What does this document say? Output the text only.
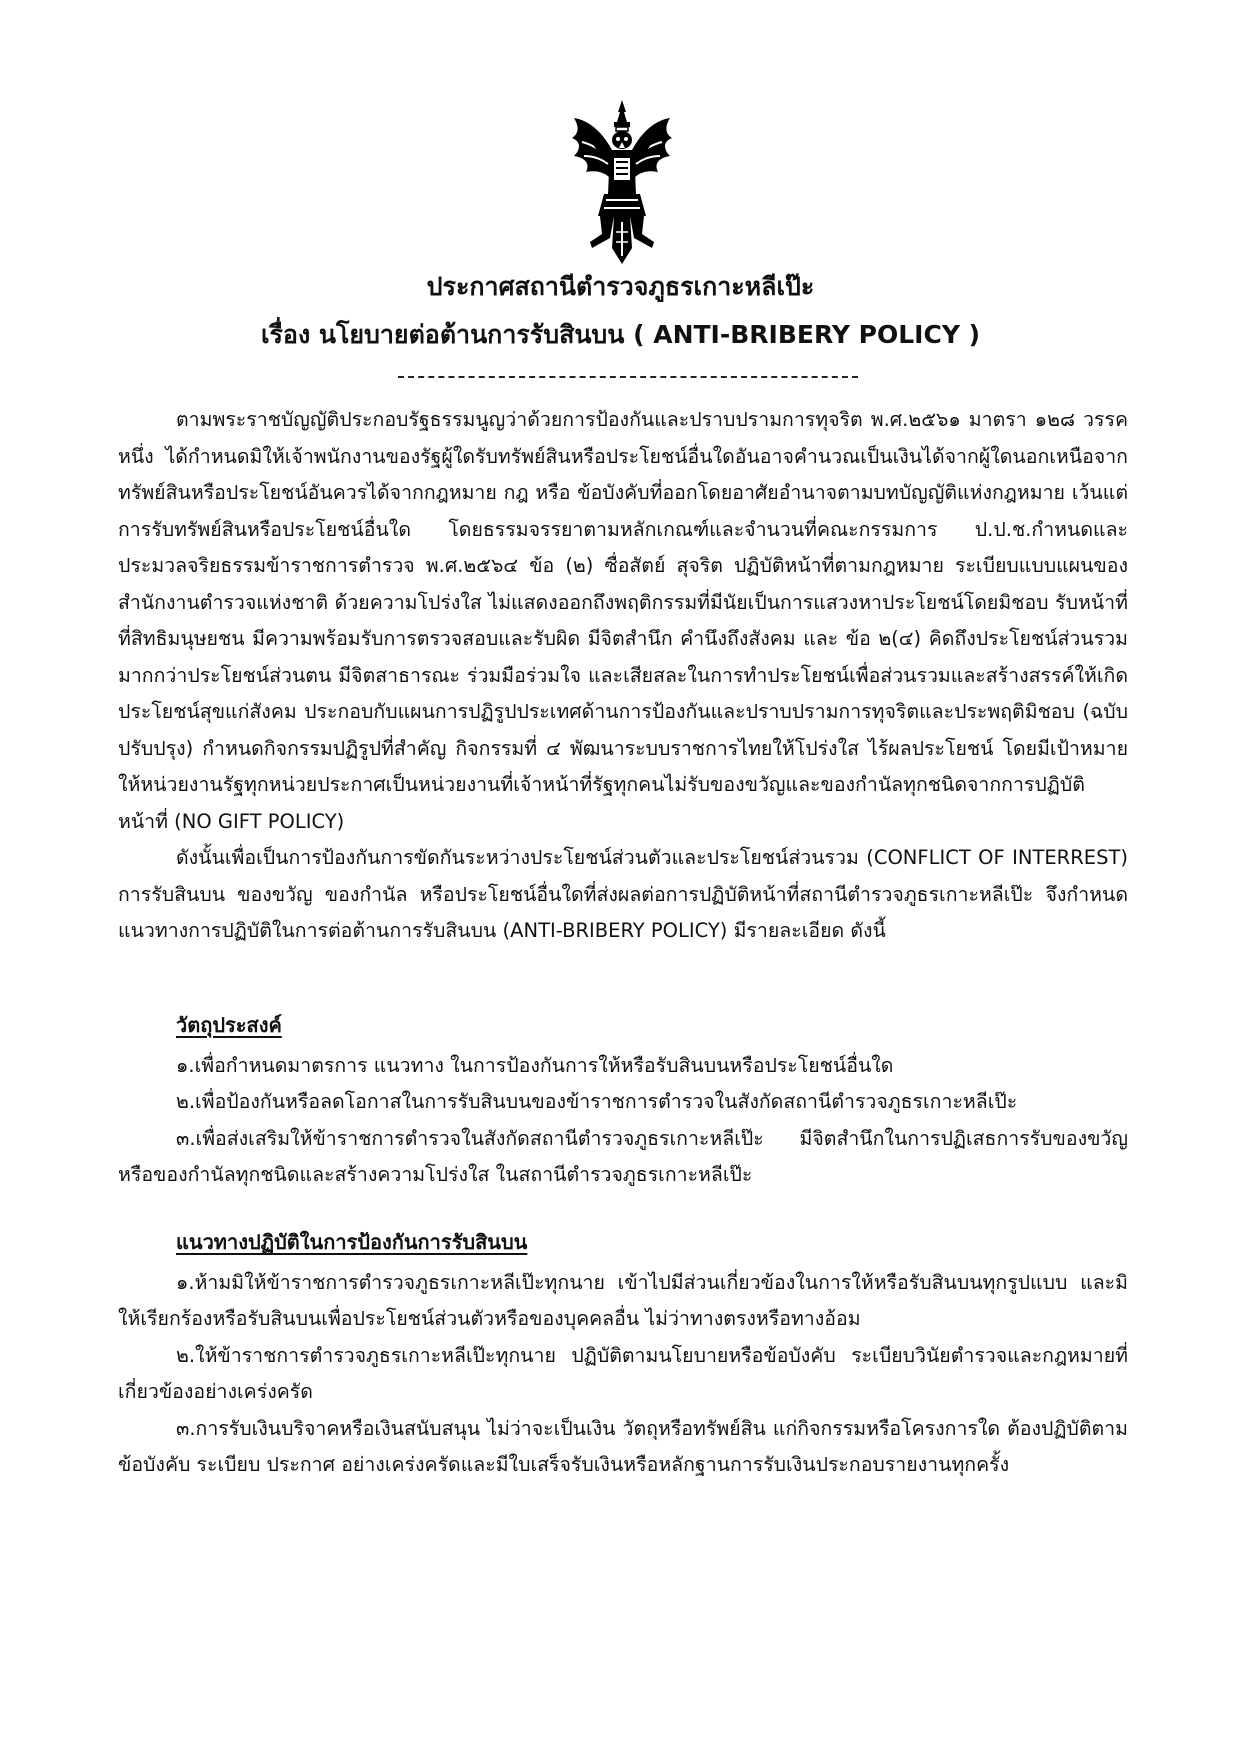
ประกาศสถานีตำรวจภูธรเกาะหลีเป๊ะ
เรื่อง นโยบายต่อต้านการรับสินบน ( ANTI-BRIBERY POLICY )

ตามพระราชบัญญัติประกอบรัฐธรรมนูญว่าด้วยการป้องกันและปราบปรามการทุจริต พ.ศ.๒๕๖๑ มาตรา ๑๒๘ วรรคหนึ่ง ได้กำหนดมิให้เจ้าพนักงานของรัฐผู้ใดรับทรัพย์สินหรือประโยชน์อื่นใดอันอาจคำนวณเป็นเงินได้จากผู้ใดนอกเหนือจากทรัพย์สินหรือประโยชน์อันควรได้จากกฎหมาย กฎ หรือ ข้อบังคับที่ออกโดยอาศัยอำนาจตามบทบัญญัติแห่งกฎหมาย เว้นแต่การรับทรัพย์สินหรือประโยชน์อื่นใด โดยธรรมจรรยาตามหลักเกณฑ์และจำนวนที่คณะกรรมการ ป.ป.ช.กำหนดและประมวลจริยธรรมข้าราชการตำรวจ พ.ศ.๒๕๖๔ ข้อ (๒) ซื่อสัตย์ สุจริต ปฏิบัติหน้าที่ตามกฎหมาย ระเบียบแบบแผนของสำนักงานตำรวจแห่งชาติ ด้วยความโปร่งใส ไม่แสดงออกถึงพฤติกรรมที่มีนัยเป็นการแสวงหาประโยชน์โดยมิชอบ รับหน้าที่ที่สิทธิมนุษยชน มีความพร้อมรับการตรวจสอบและรับผิด มีจิตสำนึก คำนึงถึงสังคม และ ข้อ ๒(๔) คิดถึงประโยชน์ส่วนรวมมากกว่าประโยชน์ส่วนตน มีจิตสาธารณะ ร่วมมือร่วมใจ และเสียสละในการทำประโยชน์เพื่อส่วนรวมและสร้างสรรค์ให้เกิดประโยชน์สุขแก่สังคม ประกอบกับแผนการปฏิรูปประเทศด้านการป้องกันและปราบปรามการทุจริตและประพฤติมิชอบ (ฉบับปรับปรุง) กำหนดกิจกรรมปฏิรูปที่สำคัญ กิจกรรมที่ ๔ พัฒนาระบบราชการไทยให้โปร่งใส ไร้ผลประโยชน์ โดยมีเป้าหมายให้หน่วยงานรัฐทุกหน่วยประกาศเป็นหน่วยงานที่เจ้าหน้าที่รัฐทุกคนไม่รับของขวัญและของกำนัลทุกชนิดจากการปฏิบัติหน้าที่ (NO GIFT POLICY)

ดังนั้นเพื่อเป็นการป้องกันการขัดกันระหว่างประโยชน์ส่วนตัวและประโยชน์ส่วนรวม (CONFLICT OF INTERREST) การรับสินบน ของขวัญ ของกำนัล หรือประโยชน์อื่นใดที่ส่งผลต่อการปฏิบัติหน้าที่สถานีตำรวจภูธรเกาะหลีเป๊ะ จึงกำหนดแนวทางการปฏิบัติในการต่อต้านการรับสินบน (ANTI-BRIBERY POLICY) มีรายละเอียด ดังนี้

วัตถุประสงค์

๑.เพื่อกำหนดมาตรการ แนวทาง ในการป้องกันการให้หรือรับสินบนหรือประโยชน์อื่นใด

๒.เพื่อป้องกันหรือลดโอกาสในการรับสินบนของข้าราชการตำรวจในสังกัดสถานีตำรวจภูธรเกาะหลีเป๊ะ

๓.เพื่อส่งเสริมให้ข้าราชการตำรวจในสังกัดสถานีตำรวจภูธรเกาะหลีเป๊ะ มีจิตสำนึกในการปฏิเสธการรับของขวัญหรือของกำนัลทุกชนิดและสร้างความโปร่งใส ในสถานีตำรวจภูธรเกาะหลีเป๊ะ

แนวทางปฏิบัติในการป้องกันการรับสินบน

๑.ห้ามมิให้ข้าราชการตำรวจภูธรเกาะหลีเป๊ะทุกนาย เข้าไปมีส่วนเกี่ยวข้องในการให้หรือรับสินบนทุกรูปแบบ และมิให้เรียกร้องหรือรับสินบนเพื่อประโยชน์ส่วนตัวหรือของบุคคลอื่น ไม่ว่าทางตรงหรือทางอ้อม

๒.ให้ข้าราชการตำรวจภูธรเกาะหลีเป๊ะทุกนาย ปฏิบัติตามนโยบายหรือข้อบังคับ ระเบียบวินัยตำรวจและกฎหมายที่เกี่ยวข้องอย่างเคร่งครัด

๓.การรับเงินบริจาคหรือเงินสนับสนุน ไม่ว่าจะเป็นเงิน วัตถุหรือทรัพย์สิน แก่กิจกรรมหรือโครงการใด ต้องปฏิบัติตามข้อบังคับ ระเบียบ ประกาศ อย่างเคร่งครัดและมีใบเสร็จรับเงินหรือหลักฐานการรับเงินประกอบรายงานทุกครั้ง
